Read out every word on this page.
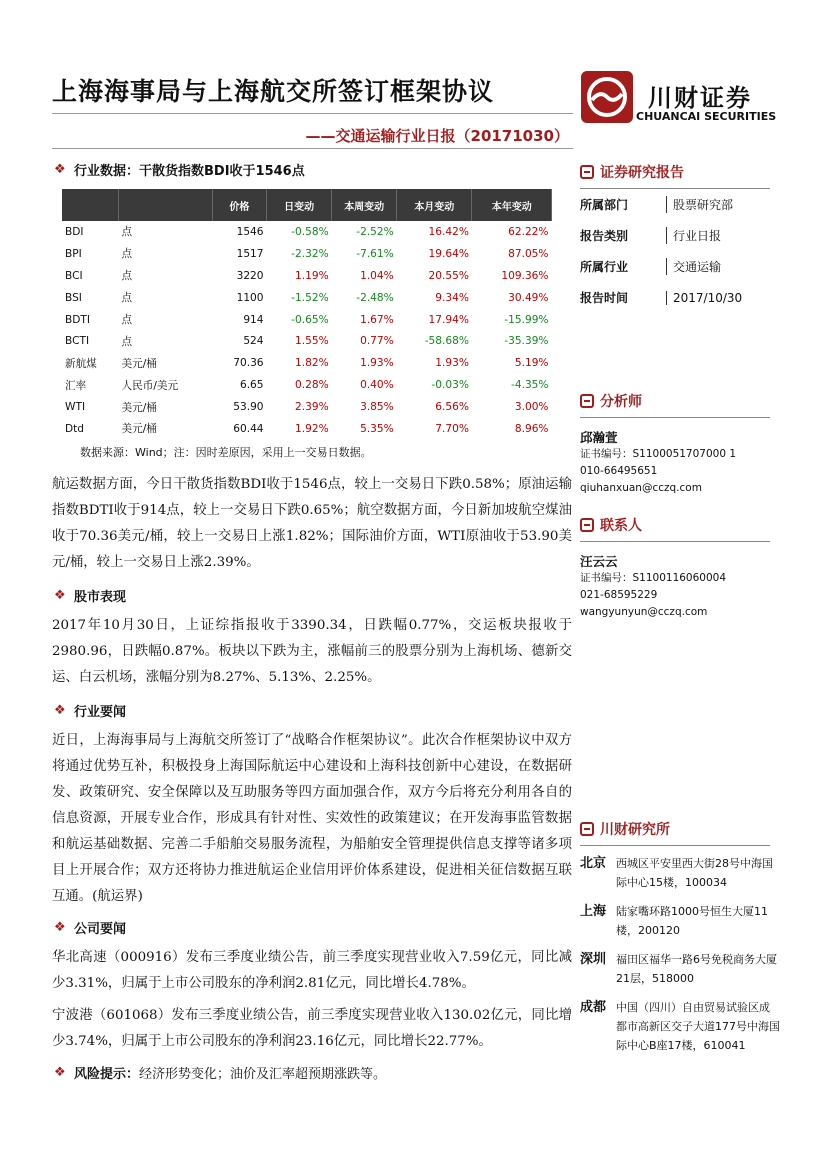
上海海事局与上海航交所签订框架协议
——交通运输行业日报（20171030）
川财证券
CHUANCAI SECURITIES
❖ 行业数据：干散货指数BDI收于1546点
		价格	日变动	本周变动	本月变动	本年变动
BDI	点	1546	-0.58%	-2.52%	16.42%	62.22%
BPI	点	1517	-2.32%	-7.61%	19.64%	87.05%
BCI	点	3220	1.19%	1.04%	20.55%	109.36%
BSI	点	1100	-1.52%	-2.48%	9.34%	30.49%
BDTI	点	914	-0.65%	1.67%	17.94%	-15.99%
BCTI	点	524	1.55%	0.77%	-58.68%	-35.39%
新航煤	美元/桶	70.36	1.82%	1.93%	1.93%	5.19%
汇率	人民币/美元	6.65	0.28%	0.40%	-0.03%	-4.35%
WTI	美元/桶	53.90	2.39%	3.85%	6.56%	3.00%
Dtd	美元/桶	60.44	1.92%	5.35%	7.70%	8.96%
数据来源：Wind；注：因时差原因，采用上一交易日数据。
航运数据方面，今日干散货指数BDI收于1546点，较上一交易日下跌0.58%；原油运输指数BDTI收于914点，较上一交易日下跌0.65%；航空数据方面，今日新加坡航空煤油收于70.36美元/桶，较上一交易日上涨1.82%；国际油价方面，WTI原油收于53.90美元/桶，较上一交易日上涨2.39%。
❖ 股市表现
2017年10月30日，上证综指报收于3390.34，日跌幅0.77%，交运板块报收于2980.96，日跌幅0.87%。板块以下跌为主，涨幅前三的股票分别为上海机场、德新交运、白云机场，涨幅分别为8.27%、5.13%、2.25%。
❖ 行业要闻
近日，上海海事局与上海航交所签订了“战略合作框架协议”。此次合作框架协议中双方将通过优势互补，积极投身上海国际航运中心建设和上海科技创新中心建设，在数据研发、政策研究、安全保障以及互助服务等四方面加强合作，双方今后将充分利用各自的信息资源，开展专业合作，形成具有针对性、实效性的政策建议；在开发海事监管数据和航运基础数据、完善二手船舶交易服务流程，为船舶安全管理提供信息支撑等诸多项目上开展合作；双方还将协力推进航运企业信用评价体系建设，促进相关征信数据互联互通。(航运界)
❖ 公司要闻
华北高速（000916）发布三季度业绩公告，前三季度实现营业收入7.59亿元，同比减少3.31%，归属于上市公司股东的净利润2.81亿元，同比增长4.78%。
宁波港（601068）发布三季度业绩公告，前三季度实现营业收入130.02亿元，同比增少3.74%，归属于上市公司股东的净利润23.16亿元，同比增长22.77%。
❖ 风险提示： 经济形势变化；油价及汇率超预期涨跌等。
证券研究报告
所属部门	股票研究部
报告类别	行业日报
所属行业	交通运输
报告时间	2017/10/30
分析师
邱瀚萱
证书编号：S1100051707000 1
010-66495651
qiuhanxuan@cczq.com
联系人
汪云云
证书编号：S1100116060004
021-68595229
wangyunyun@cczq.com
川财研究所
北京 西城区平安里西大街28号中海国际中心15楼，100034
上海 陆家嘴环路1000号恒生大厦11楼，200120
深圳 福田区福华一路6号免税商务大厦21层，518000
成都 中国（四川）自由贸易试验区成都市高新区交子大道177号中海国际中心B座17楼，610041
